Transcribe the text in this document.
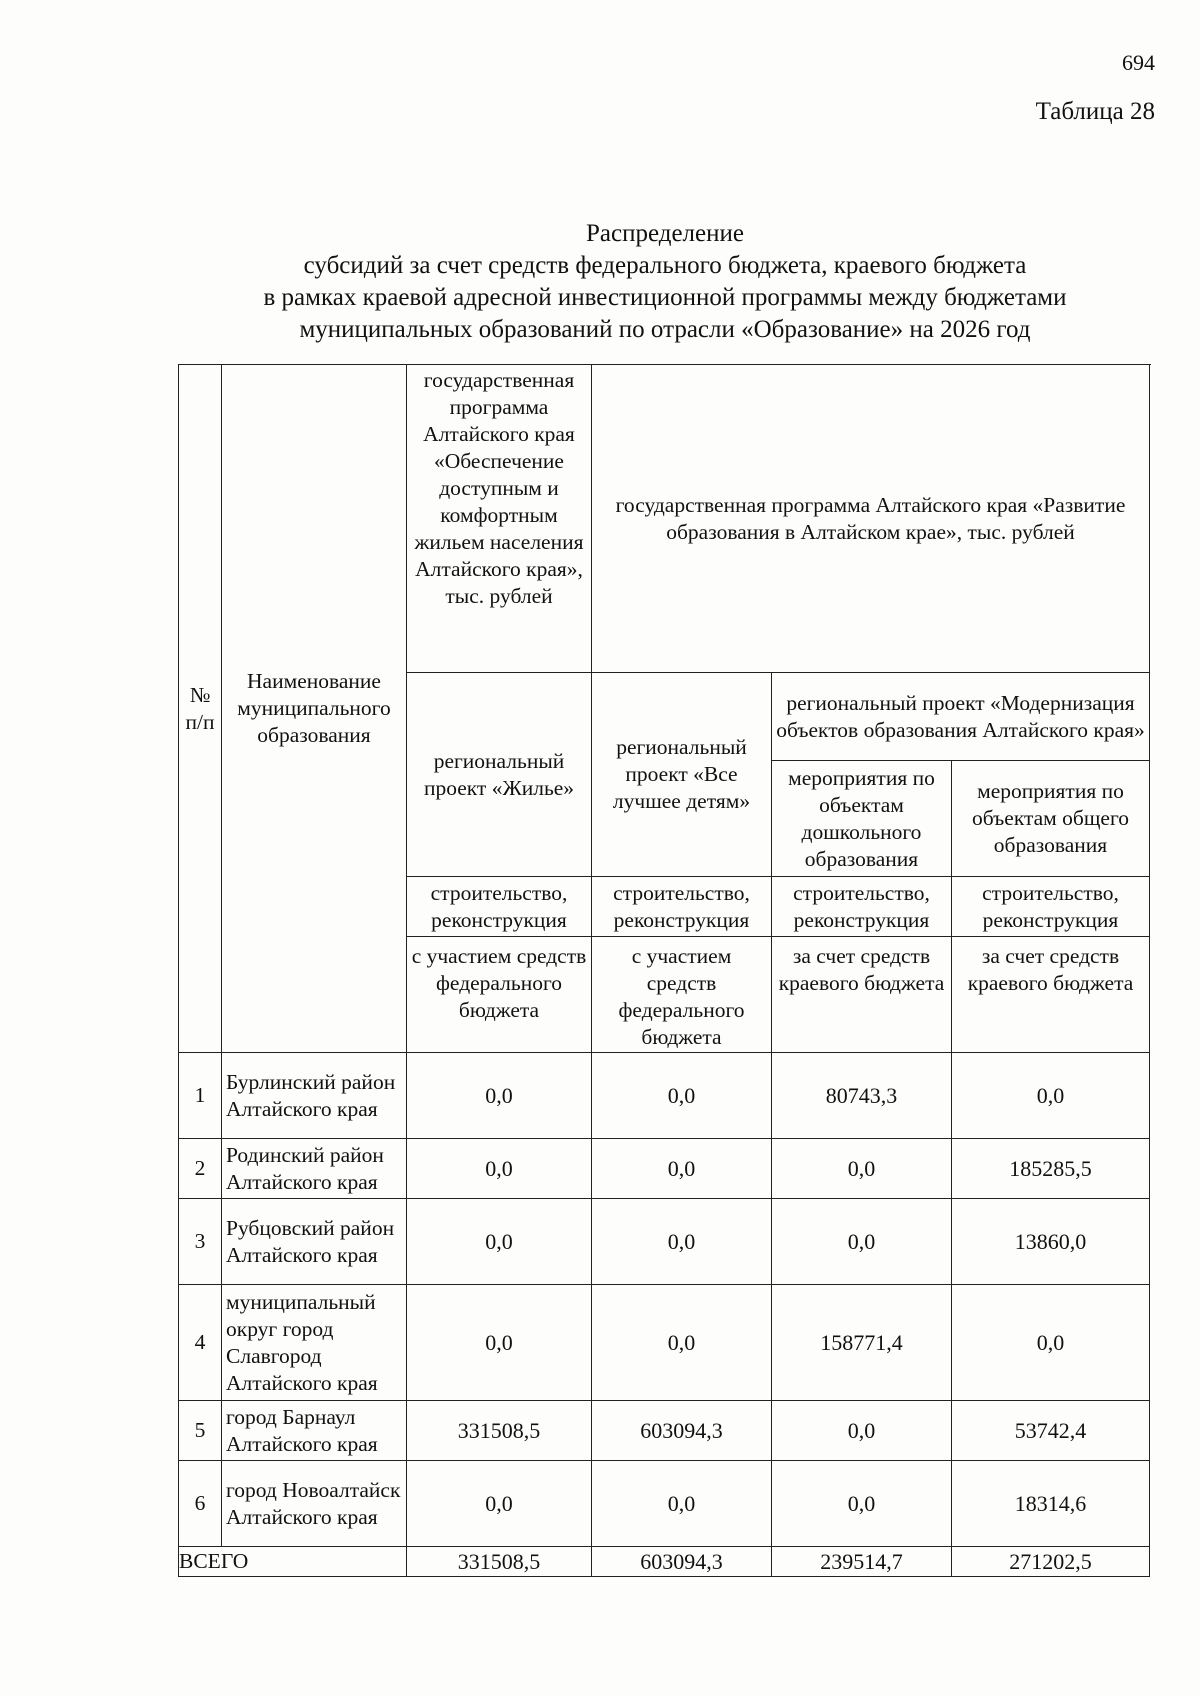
694
Таблица 28
Распределение
субсидий за счет средств федерального бюджета, краевого бюджета
в рамках краевой адресной инвестиционной программы между бюджетами
муниципальных образований по отрасли «Образование» на 2026 год
№ п/п	Наименование муниципального образования	государственная программа Алтайского края «Обеспечение доступным и комфортным жильем населения Алтайского края», тыс. рублей	государственная программа Алтайского края «Развитие образования в Алтайском крае», тыс. рублей		
		региональный проект «Жилье»	региональный проект «Все лучшее детям»	региональный проект «Модернизация объектов образования Алтайского края»	
				мероприятия по объектам дошкольного образования	мероприятия по объектам общего образования
		строительство, реконструкция	строительство, реконструкция	строительство, реконструкция	строительство, реконструкция
		с участием средств федерального бюджета	с участием средств федерального бюджета	за счет средств краевого бюджета	за счет средств краевого бюджета
1	Бурлинский район Алтайского края	0,0	0,0	80743,3	0,0
2	Родинский район Алтайского края	0,0	0,0	0,0	185285,5
3	Рубцовский район Алтайского края	0,0	0,0	0,0	13860,0
4	муниципальный округ город Славгород Алтайского края	0,0	0,0	158771,4	0,0
5	город Барнаул Алтайского края	331508,5	603094,3	0,0	53742,4
6	город Новоалтайск Алтайского края	0,0	0,0	0,0	18314,6
ВСЕГО		331508,5	603094,3	239514,7	271202,5
